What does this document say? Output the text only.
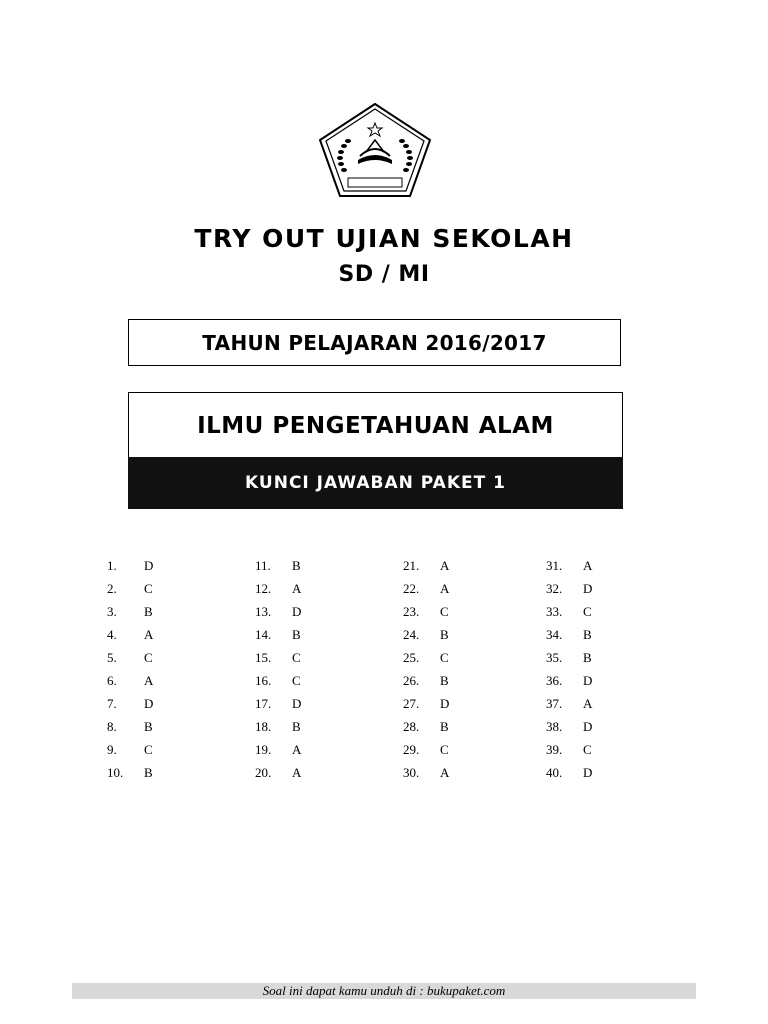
TRY OUT UJIAN SEKOLAH
SD / MI
TAHUN PELAJARAN 2016/2017
ILMU PENGETAHUAN ALAM
KUNCI JAWABAN PAKET 1
1. D
2. C
3. B
4. A
5. C
6. A
7. D
8. B
9. C
10. B
11. B
12. A
13. D
14. B
15. C
16. C
17. D
18. B
19. A
20. A
21. A
22. A
23. C
24. B
25. C
26. B
27. D
28. B
29. C
30. A
31. A
32. D
33. C
34. B
35. B
36. D
37. A
38. D
39. C
40. D
Soal ini dapat kamu unduh di : bukupaket.com
